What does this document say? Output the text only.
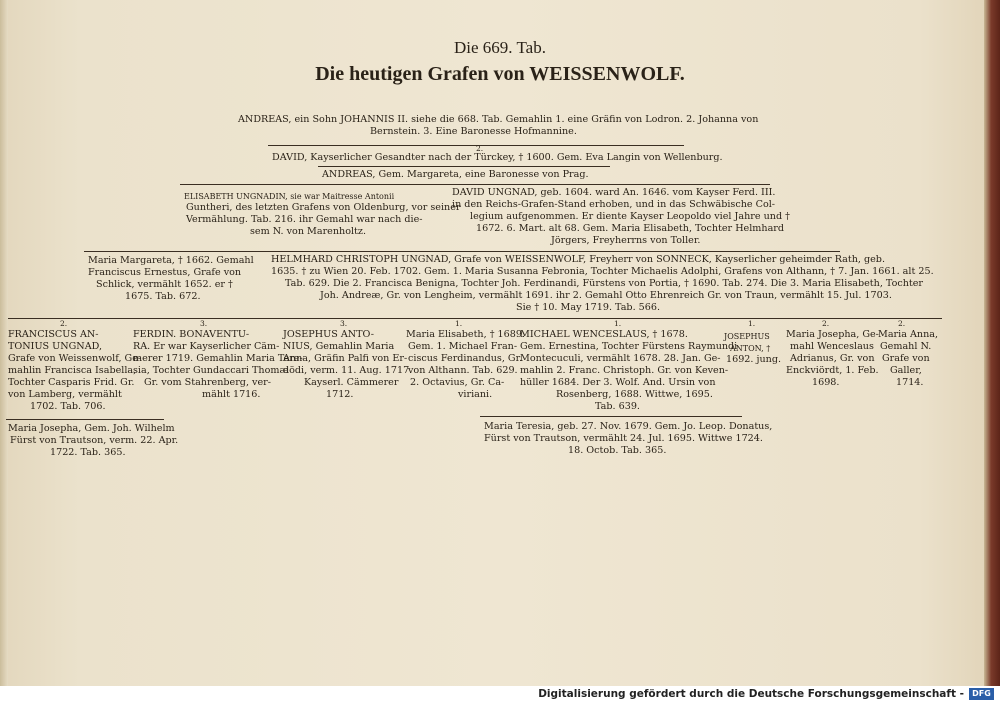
Die 669. Tab.
Die heutigen Grafen von WEISSENWOLF.
ANDREAS, ein Sohn JOHANNIS II. siehe die 668. Tab. Gemahlin 1. eine Gräfin von Lodron. 2. Johanna von
Bernstein. 3. Eine Baronesse Hofmannine.
2.
DAVID, Kayserlicher Gesandter nach der Türckey, † 1600. Gem. Eva Langin von Wellenburg.
ANDREAS, Gem. Margareta, eine Baronesse von Prag.
ELISABETH UNGNADIN, sie war Maitresse Antonii
Guntheri, des letzten Grafens von Oldenburg, vor seiner
Vermählung. Tab. 216. ihr Gemahl war nach die-
sem N. von Marenholtz.
DAVID UNGNAD, geb. 1604. ward An. 1646. vom Kayser Ferd. III.
in den Reichs-Grafen-Stand erhoben, und in das Schwäbische Col-
legium aufgenommen. Er diente Kayser Leopoldo viel Jahre und †
1672. 6. Mart. alt 68. Gem. Maria Elisabeth, Tochter Helmhard
Jörgers, Freyherrns von Toller.
Maria Margareta, † 1662. Gemahl
Franciscus Ernestus, Grafe von
Schlick, vermählt 1652. er †
1675. Tab. 672.
HELMHARD CHRISTOPH UNGNAD, Grafe von WEISSENWOLF, Freyherr von SONNECK, Kayserlicher geheimder Rath, geb.
1635. † zu Wien 20. Feb. 1702. Gem. 1. Maria Susanna Febronia, Tochter Michaelis Adolphi, Grafens von Althann, † 7. Jan. 1661. alt 25.
Tab. 629. Die 2. Francisca Benigna, Tochter Joh. Ferdinandi, Fürstens von Portia, † 1690. Tab. 274. Die 3. Maria Elisabeth, Tochter
Joh. Andreæ, Gr. von Lengheim, vermählt 1691. ihr 2. Gemahl Otto Ehrenreich Gr. von Traun, vermählt 15. Jul. 1703.
Sie † 10. May 1719. Tab. 566.
2.	3.	3.	1.	1.	1.	2.	2.
FRANCISCUS AN-
TONIUS UNGNAD,
Grafe von Weissenwolf, Ge-
mahlin Francisca Isabella,
Tochter Casparis Frid. Gr.
von Lamberg, vermählt
1702. Tab. 706.
FERDIN. BONAVENTU-
RA. Er war Kayserlicher Cäm-
merer 1719. Gemahlin Maria Tere-
sia, Tochter Gundaccari Thomæ
Gr. vom Stahrenberg, ver-
mählt 1716.
JOSEPHUS ANTO-
NIUS, Gemahlin Maria
Anna, Gräfin Palfi von Er-
dödi, verm. 11. Aug. 1717.
Kayserl. Cämmerer
1712.
Maria Elisabeth, † 1689.
Gem. 1. Michael Fran-
ciscus Ferdinandus, Gr.
von Althann. Tab. 629.
2. Octavius, Gr. Ca-
viriani.
MICHAEL WENCESLAUS, † 1678.
Gem. Ernestina, Tochter Fürstens Raymundi
Montecuculi, vermählt 1678. 28. Jan. Ge-
mahlin 2. Franc. Christoph. Gr. von Keven-
hüller 1684. Der 3. Wolf. And. Ursin von
Rosenberg, 1688. Wittwe, 1695.
Tab. 639.
JOSEPHUS
ANTON, †
1692. jung.
Maria Josepha, Ge-
mahl Wenceslaus
Adrianus, Gr. von
Enckviördt, 1. Feb.
1698.
Maria Anna,
Gemahl N.
Grafe von
Galler,
1714.
Maria Josepha, Gem. Joh. Wilhelm
Fürst von Trautson, verm. 22. Apr.
1722. Tab. 365.
Maria Teresia, geb. 27. Nov. 1679. Gem. Jo. Leop. Donatus,
Fürst von Trautson, vermählt 24. Jul. 1695. Wittwe 1724.
18. Octob. Tab. 365.
Digitalisierung gefördert durch die Deutsche Forschungsgemeinschaft -	DFG
